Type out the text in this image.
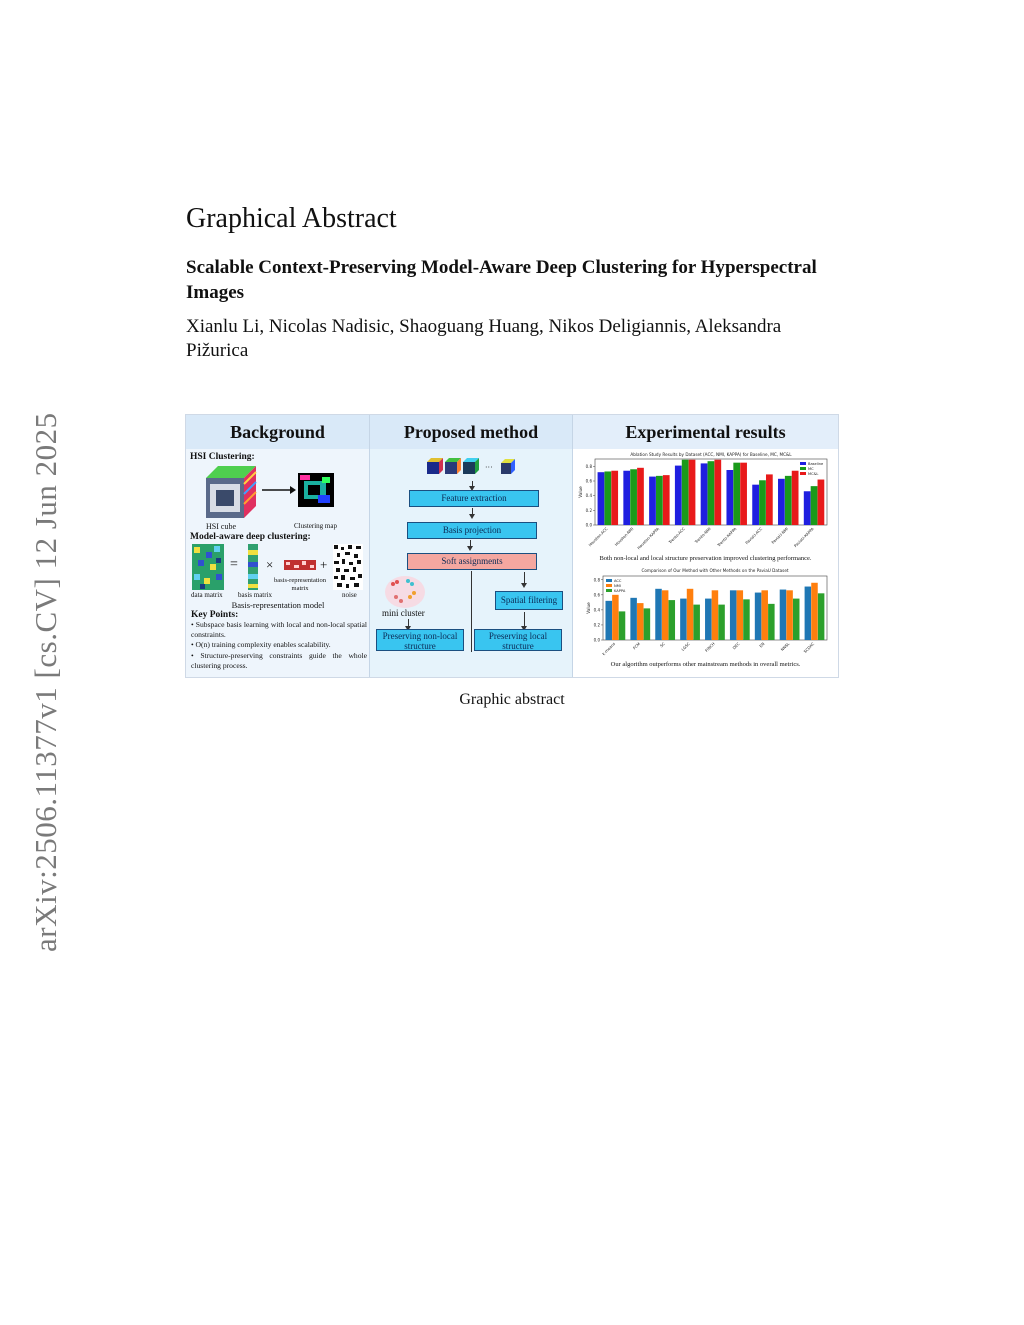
arXiv:2506.11377v1 [cs.CV] 12 Jun 2025
Graphical Abstract
Scalable Context-Preserving Model-Aware Deep Clustering for Hyperspectral Images
Xianlu Li, Nicolas Nadisic, Shaoguang Huang, Nikos Deligiannis, Aleksandra Pižurica
Background
HSI Clustering:
HSI cube	Clustering map
Model-aware deep clustering:
= ×	+
data matrix basis matrix
basis-representation matrix
noise
Basis-representation model
Key Points:
• Subspace basis learning with local and non-local spatial constraints.
• O(n) training complexity enables scalability.
• Structure-preserving constraints guide the whole clustering process.
Proposed method
···
Feature extraction
Basis projection
Soft assignments
mini cluster
Spatial filtering
Preserving non-local structure
Preserving local structure
Experimental results
Ablation Study Results by Dataset (ACC, NMI, KAPPA) for Baseline, MC, MC&L
0.0
0.2
0.4
0.6
0.8
Value
Houston-ACC Houston-NMI Houston-KAPPA Trento-ACC Trento-NMI Trento-KAPPA PaviaU-ACC PaviaU-NMI PaviaU-KAPPA
Baseline
MC
MC&L
Both non-local and local structure preservation improved clustering performance.
Comparison of Our Method with Other Methods on the PaviaU Dataset
0.0
0.2
0.4
0.6
0.8
Value
k-means	FCM	SC	LGSC	FINCH	DEC	EN	NNSL	SCDAC
ACC
NMI
KAPPA
Our algorithm outperforms other mainstream methods in overall metrics.
Graphic abstract
